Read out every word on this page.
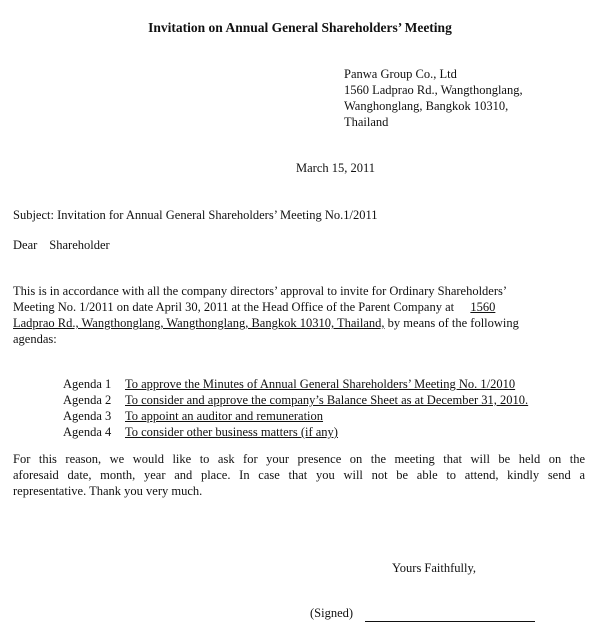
Invitation on Annual General Shareholders’ Meeting
Panwa Group Co., Ltd
1560 Ladprao Rd., Wangthonglang,
Wanghonglang, Bangkok 10310,
Thailand
March 15, 2011
Subject: Invitation for Annual General Shareholders’ Meeting No.1/2011
Dear Shareholder
This is in accordance with all the company directors’ approval to invite for Ordinary Shareholders’
Meeting No. 1/2011 on date April 30, 2011 at the Head Office of the Parent Company at 1560
Ladprao Rd., Wangthonglang, Wangthonglang, Bangkok 10310, Thailand, by means of the following
agendas:
Agenda 1 To approve the Minutes of Annual General Shareholders’ Meeting No. 1/2010
Agenda 2 To consider and approve the company’s Balance Sheet as at December 31, 2010.
Agenda 3 To appoint an auditor and remuneration
Agenda 4 To consider other business matters (if any)
For this reason, we would like to ask for your presence on the meeting that will be held on the
aforesaid date, month, year and place. In case that you will not be able to attend, kindly send a
representative. Thank you very much.
Yours Faithfully,
(Signed)
